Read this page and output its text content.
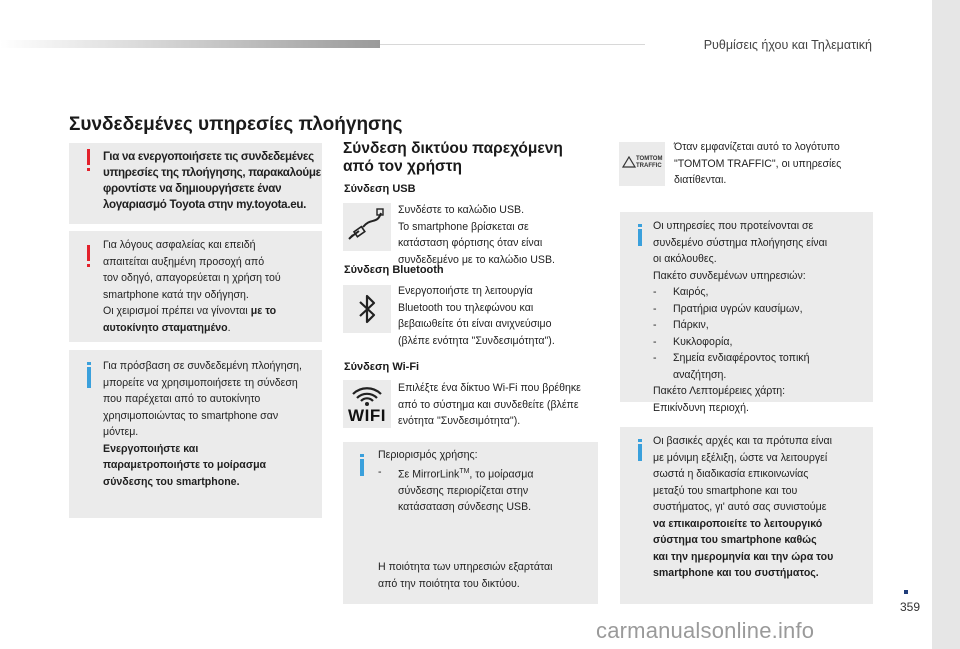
Ρυθμίσεις ήχου και Τηλεματική
359
Συνδεδεμένες υπηρεσίες πλοήγησης
Για να ενεργοποιήσετε τις συνδεδεμένες υπηρεσίες της πλοήγησης, παρακαλούμε φροντίστε να δημιουργήσετε έναν λογαριασμό Toyota στην my.toyota.eu.
Για λόγους ασφαλείας και επειδή
απαιτείται αυξημένη προσοχή από
τον οδηγό, απαγορεύεται η χρήση τού
smartphone κατά την οδήγηση.
Οι χειρισμοί πρέπει να γίνονται με το
αυτοκίνητο σταματημένο.
Για πρόσβαση σε συνδεδεμένη πλοήγηση,
μπορείτε να χρησιμοποιήσετε τη σύνδεση
που παρέχεται από το αυτοκίνητο
χρησιμοποιώντας το smartphone σαν
μόντεμ.
Ενεργοποιήστε και
παραμετροποιήστε το μοίρασμα
σύνδεσης του smartphone.
Σύνδεση δικτύου παρεχόμενη
από τον χρήστη
Σύνδεση USB
Συνδέστε το καλώδιο USB.
Το smartphone βρίσκεται σε
κατάσταση φόρτισης όταν είναι
συνδεδεμένο με το καλώδιο USB.
Σύνδεση Bluetooth
Ενεργοποιήστε τη λειτουργία
Bluetooth του τηλεφώνου και
βεβαιωθείτε ότι είναι ανιχνεύσιμο
(βλέπε ενότητα "Συνδεσιμότητα").
Σύνδεση Wi-Fi
WIFI
Επιλέξτε ένα δίκτυο Wi-Fi που βρέθηκε
από το σύστημα και συνδεθείτε (βλέπε
ενότητα "Συνδεσιμότητα").
Περιορισμός χρήσης:
-	Σε MirrorLink™, το μοίρασμα
σύνδεσης περιορίζεται στην
κατάσαταση σύνδεσης USB.
Η ποιότητα των υπηρεσιών εξαρτάται
από την ποιότητα του δικτύου.
TOMTOM
TRAFFIC
Όταν εμφανίζεται αυτό το λογότυπο
"TOMTOM TRAFFIC", οι υπηρεσίες
διατίθενται.
Οι υπηρεσίες που προτείνονται σε
συνδεμένο σύστημα πλοήγησης είναι
οι ακόλουθες.
Πακέτο συνδεμένων υπηρεσιών:
-	Καιρός,
-	Πρατήρια υγρών καυσίμων,
-	Πάρκιν,
-	Κυκλοφορία,
-	Σημεία ενδιαφέροντος τοπική
αναζήτηση.
Πακέτο Λεπτομέρειες χάρτη:
Επικίνδυνη περιοχή.
Οι βασικές αρχές και τα πρότυπα είναι
με μόνιμη εξέλιξη, ώστε να λειτουργεί
σωστά η διαδικασία επικοινωνίας
μεταξύ του smartphone και του
συστήματος, γι' αυτό σας συνιστούμε
να επικαιροποιείτε το λειτουργικό
σύστημα του smartphone καθώς
και την ημερομηνία και την ώρα του
smartphone και του συστήματος.
carmanualsonline.info
